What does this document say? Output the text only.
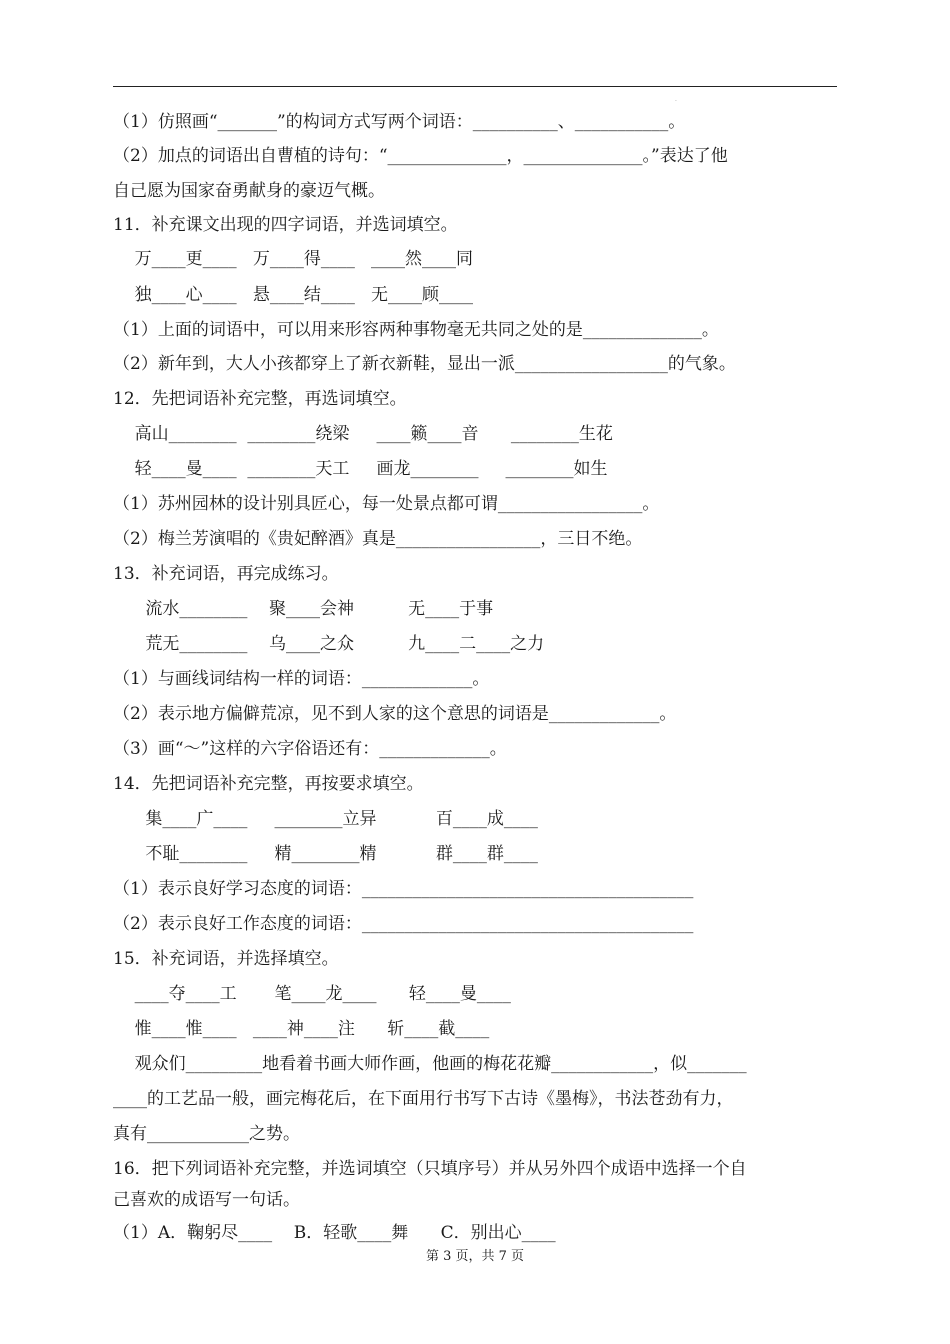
·
（1）仿照画“_______”的构词方式写两个词语：__________、___________。
（2）加点的词语出自曹植的诗句：“______________，______________。”表达了他
自己愿为国家奋勇献身的豪迈气概。
11．补充课文出现的四字词语，并选词填空。
万____更____   万____得____   ____然____同
独____心____   悬____结____   无____顾____
（1）上面的词语中，可以用来形容两种事物毫无共同之处的是______________。
（2）新年到，大人小孩都穿上了新衣新鞋，显出一派__________________的气象。
12．先把词语补充完整，再选词填空。
高山________  ________绕梁     ____籁____音      ________生花
轻____曼____  ________天工     画龙________     ________如生
（1）苏州园林的设计别具匠心，每一处景点都可谓_________________。
（2）梅兰芳演唱的《贵妃醉酒》真是_________________，三日不绝。
13．补充词语，再完成练习。
流水________    聚____会神          无____于事
荒无________    乌____之众          九____二____之力
（1）与画线词结构一样的词语：_____________。
（2）表示地方偏僻荒凉，见不到人家的这个意思的词语是_____________。
（3）画“～”这样的六字俗语还有：_____________。
14．先把词语补充完整，再按要求填空。
集____广____     ________立异           百____成____
不耻________     精________精           群____群____
（1）表示良好学习态度的词语：_______________________________________
（2）表示良好工作态度的词语：_______________________________________
15．补充词语，并选择填空。
____夺____工       笔____龙____      轻____曼____
惟____惟____   ____神____注      斩____截____
观众们_________地看着书画大师作画，他画的梅花花瓣____________，似_______
____的工艺品一般，画完梅花后，在下面用行书写下古诗《墨梅》，书法苍劲有力，
真有____________之势。
16．把下列词语补充完整，并选词填空（只填序号）并从另外四个成语中选择一个自
己喜欢的成语写一句话。
（1）A．鞠躬尽____    B．轻歌____舞      C．别出心____
第 3 页，共 7 页
